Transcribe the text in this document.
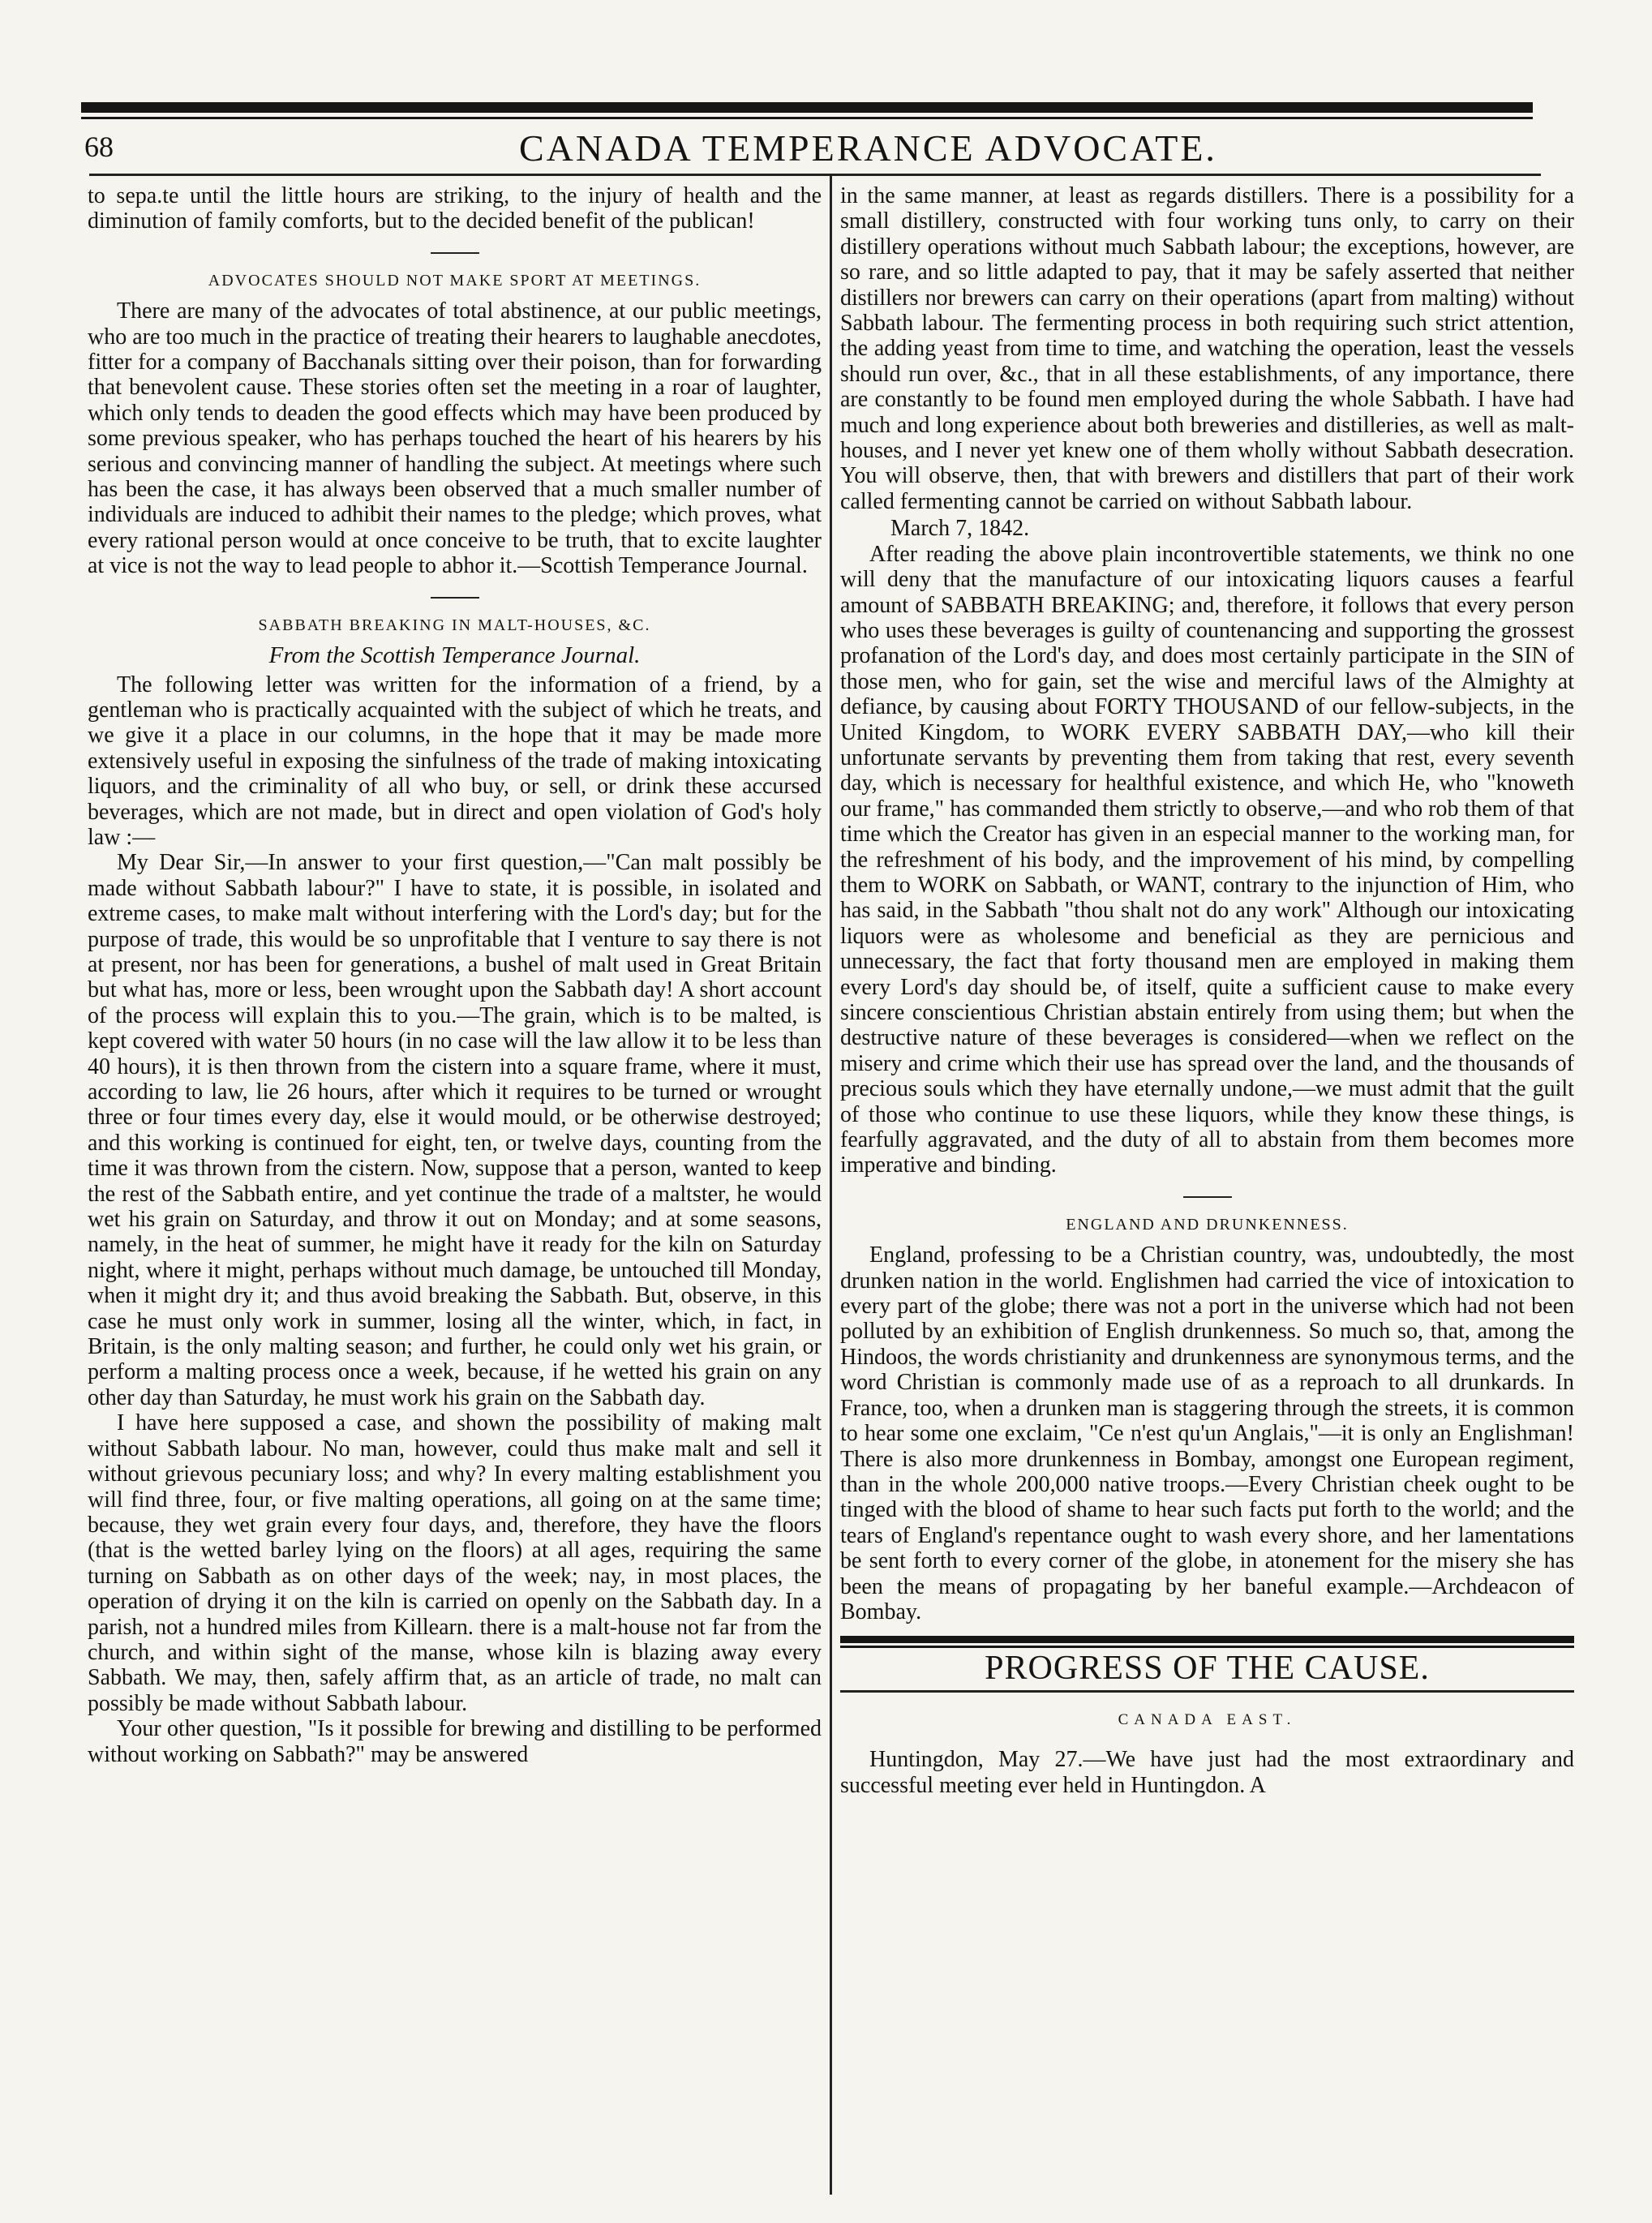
68	CANADA TEMPERANCE ADVOCATE.

to sepa.te until the little hours are striking, to the injury of health and the diminution of family comforts, but to the decided benefit of the publican!

ADVOCATES SHOULD NOT MAKE SPORT AT MEETINGS.

There are many of the advocates of total abstinence, at our public meetings, who are too much in the practice of treating their hearers to laughable anecdotes, fitter for a company of Bacchanals sitting over their poison, than for forwarding that benevolent cause. These stories often set the meeting in a roar of laughter, which only tends to deaden the good effects which may have been produced by some previous speaker, who has perhaps touched the heart of his hearers by his serious and convincing manner of handling the subject. At meetings where such has been the case, it has always been observed that a much smaller number of individuals are induced to adhibit their names to the pledge; which proves, what every rational person would at once conceive to be truth, that to excite laughter at vice is not the way to lead people to abhor it.—Scottish Temperance Journal.

SABBATH BREAKING IN MALT-HOUSES, &C.
From the Scottish Temperance Journal.

The following letter was written for the information of a friend, by a gentleman who is practically acquainted with the subject of which he treats, and we give it a place in our columns, in the hope that it may be made more extensively useful in exposing the sinfulness of the trade of making intoxicating liquors, and the criminality of all who buy, or sell, or drink these accursed beverages, which are not made, but in direct and open violation of God's holy law :—

My Dear Sir,—In answer to your first question,—"Can malt possibly be made without Sabbath labour?" I have to state, it is possible, in isolated and extreme cases, to make malt without interfering with the Lord's day; but for the purpose of trade, this would be so unprofitable that I venture to say there is not at present, nor has been for generations, a bushel of malt used in Great Britain but what has, more or less, been wrought upon the Sabbath day! A short account of the process will explain this to you.—The grain, which is to be malted, is kept covered with water 50 hours (in no case will the law allow it to be less than 40 hours), it is then thrown from the cistern into a square frame, where it must, according to law, lie 26 hours, after which it requires to be turned or wrought three or four times every day, else it would mould, or be otherwise destroyed; and this working is continued for eight, ten, or twelve days, counting from the time it was thrown from the cistern. Now, suppose that a person, wanted to keep the rest of the Sabbath entire, and yet continue the trade of a maltster, he would wet his grain on Saturday, and throw it out on Monday; and at some seasons, namely, in the heat of summer, he might have it ready for the kiln on Saturday night, where it might, perhaps without much damage, be untouched till Monday, when it might dry it; and thus avoid breaking the Sabbath. But, observe, in this case he must only work in summer, losing all the winter, which, in fact, in Britain, is the only malting season; and further, he could only wet his grain, or perform a malting process once a week, because, if he wetted his grain on any other day than Saturday, he must work his grain on the Sabbath day.

I have here supposed a case, and shown the possibility of making malt without Sabbath labour. No man, however, could thus make malt and sell it without grievous pecuniary loss; and why? In every malting establishment you will find three, four, or five malting operations, all going on at the same time; because, they wet grain every four days, and, therefore, they have the floors (that is the wetted barley lying on the floors) at all ages, requiring the same turning on Sabbath as on other days of the week; nay, in most places, the operation of drying it on the kiln is carried on openly on the Sabbath day. In a parish, not a hundred miles from Killearn. there is a malt-house not far from the church, and within sight of the manse, whose kiln is blazing away every Sabbath. We may, then, safely affirm that, as an article of trade, no malt can possibly be made without Sabbath labour.

Your other question, "Is it possible for brewing and distilling to be performed without working on Sabbath?" may be answered

in the same manner, at least as regards distillers. There is a possibility for a small distillery, constructed with four working tuns only, to carry on their distillery operations without much Sabbath labour; the exceptions, however, are so rare, and so little adapted to pay, that it may be safely asserted that neither distillers nor brewers can carry on their operations (apart from malting) without Sabbath labour. The fermenting process in both requiring such strict attention, the adding yeast from time to time, and watching the operation, least the vessels should run over, &c., that in all these establishments, of any importance, there are constantly to be found men employed during the whole Sabbath. I have had much and long experience about both breweries and distilleries, as well as malt-houses, and I never yet knew one of them wholly without Sabbath desecration. You will observe, then, that with brewers and distillers that part of their work called fermenting cannot be carried on without Sabbath labour.

March 7, 1842.

After reading the above plain incontrovertible statements, we think no one will deny that the manufacture of our intoxicating liquors causes a fearful amount of SABBATH BREAKING; and, therefore, it follows that every person who uses these beverages is guilty of countenancing and supporting the grossest profanation of the Lord's day, and does most certainly participate in the SIN of those men, who for gain, set the wise and merciful laws of the Almighty at defiance, by causing about FORTY THOUSAND of our fellow-subjects, in the United Kingdom, to WORK EVERY SABBATH DAY,—who kill their unfortunate servants by preventing them from taking that rest, every seventh day, which is necessary for healthful existence, and which He, who "knoweth our frame," has commanded them strictly to observe,—and who rob them of that time which the Creator has given in an especial manner to the working man, for the refreshment of his body, and the improvement of his mind, by compelling them to WORK on Sabbath, or WANT, contrary to the injunction of Him, who has said, in the Sabbath "thou shalt not do any work" Although our intoxicating liquors were as wholesome and beneficial as they are pernicious and unnecessary, the fact that forty thousand men are employed in making them every Lord's day should be, of itself, quite a sufficient cause to make every sincere conscientious Christian abstain entirely from using them; but when the destructive nature of these beverages is considered—when we reflect on the misery and crime which their use has spread over the land, and the thousands of precious souls which they have eternally undone,—we must admit that the guilt of those who continue to use these liquors, while they know these things, is fearfully aggravated, and the duty of all to abstain from them becomes more imperative and binding.

ENGLAND AND DRUNKENNESS.

England, professing to be a Christian country, was, undoubtedly, the most drunken nation in the world. Englishmen had carried the vice of intoxication to every part of the globe; there was not a port in the universe which had not been polluted by an exhibition of English drunkenness. So much so, that, among the Hindoos, the words christianity and drunkenness are synonymous terms, and the word Christian is commonly made use of as a reproach to all drunkards. In France, too, when a drunken man is staggering through the streets, it is common to hear some one exclaim, "Ce n'est qu'un Anglais,"—it is only an Englishman! There is also more drunkenness in Bombay, amongst one European regiment, than in the whole 200,000 native troops.—Every Christian cheek ought to be tinged with the blood of shame to hear such facts put forth to the world; and the tears of England's repentance ought to wash every shore, and her lamentations be sent forth to every corner of the globe, in atonement for the misery she has been the means of propagating by her baneful example.—Archdeacon of Bombay.

PROGRESS OF THE CAUSE.
CANADA EAST.

Huntingdon, May 27.—We have just had the most extraordinary and successful meeting ever held in Huntingdon. A
